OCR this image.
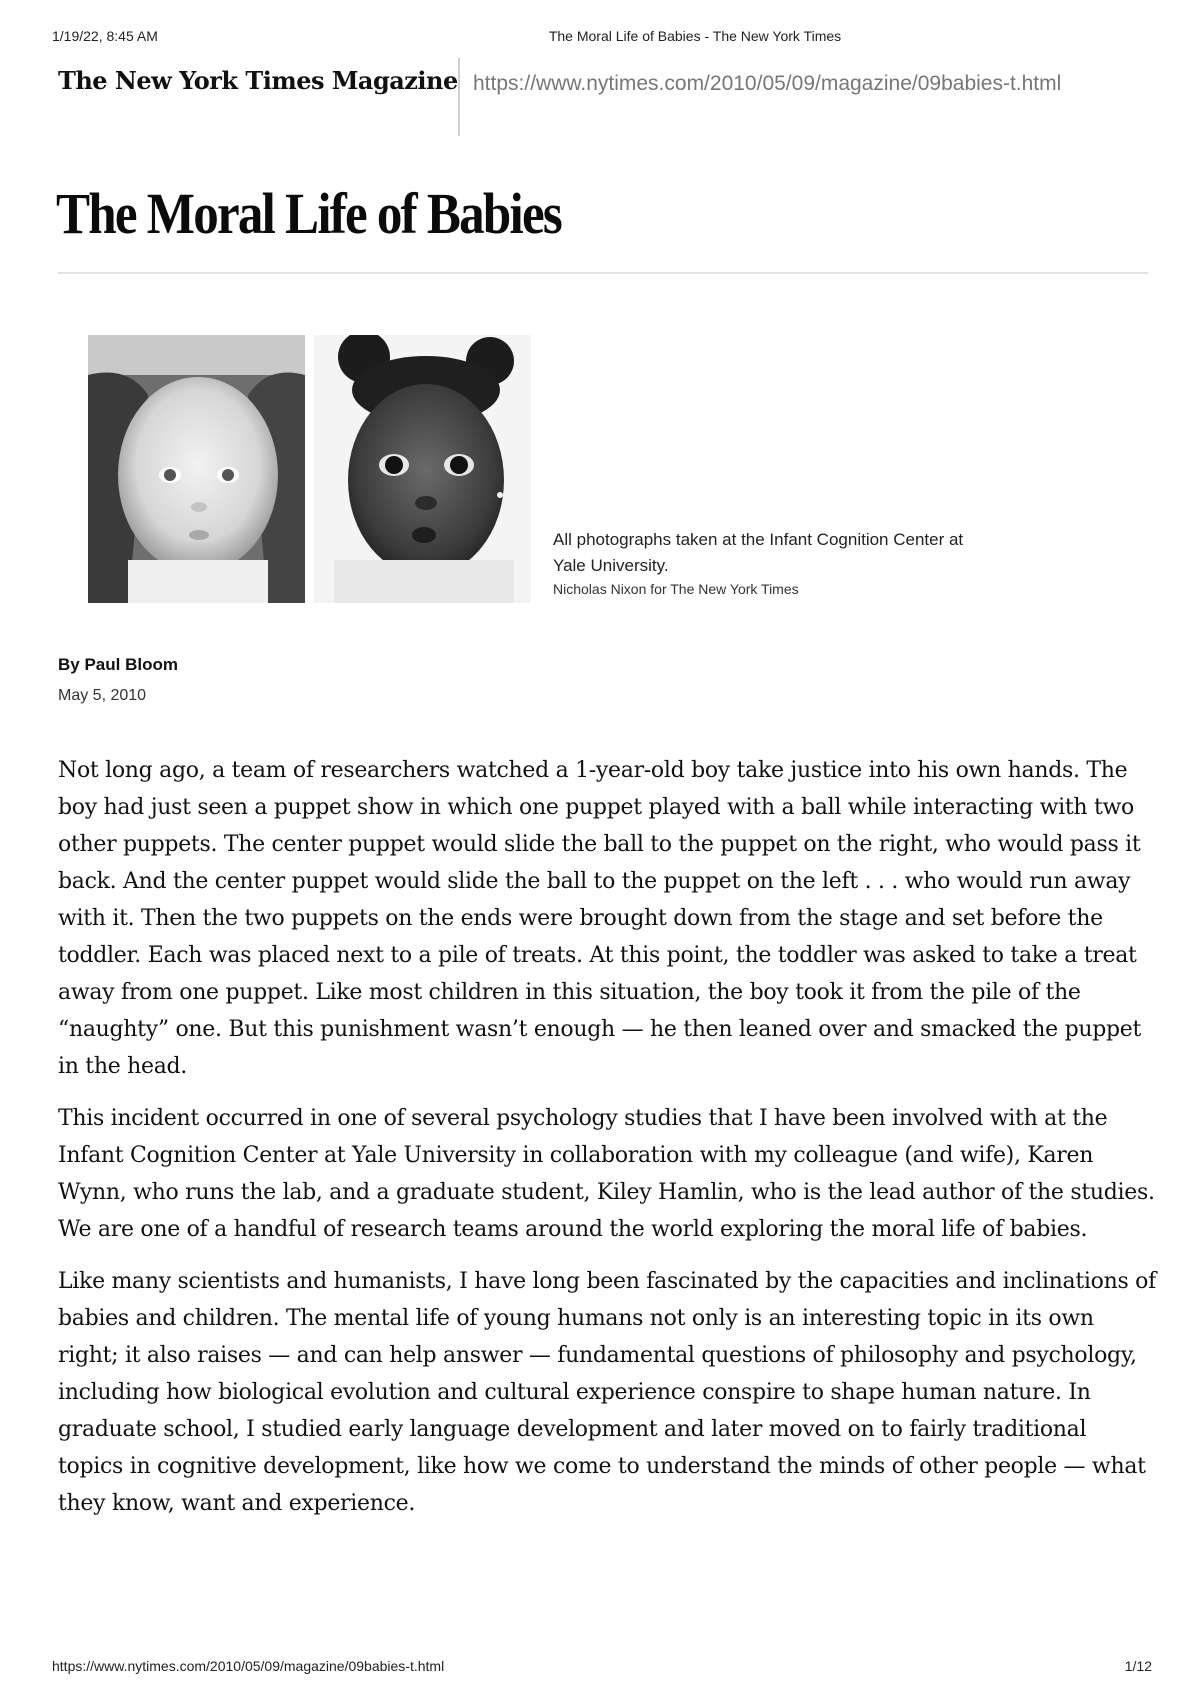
1/19/22, 8:45 AM	The Moral Life of Babies - The New York Times
The New York Times Magazine https://www.nytimes.com/2010/05/09/magazine/09babies-t.html
The Moral Life of Babies
All photographs taken at the Infant Cognition Center at Yale University.
Nicholas Nixon for The New York Times
By Paul Bloom
May 5, 2010

Not long ago, a team of researchers watched a 1-year-old boy take justice into his own hands. The boy had just seen a puppet show in which one puppet played with a ball while interacting with two other puppets. The center puppet would slide the ball to the puppet on the right, who would pass it back. And the center puppet would slide the ball to the puppet on the left . . . who would run away with it. Then the two puppets on the ends were brought down from the stage and set before the toddler. Each was placed next to a pile of treats. At this point, the toddler was asked to take a treat away from one puppet. Like most children in this situation, the boy took it from the pile of the “naughty” one. But this punishment wasn’t enough — he then leaned over and smacked the puppet in the head.

This incident occurred in one of several psychology studies that I have been involved with at the Infant Cognition Center at Yale University in collaboration with my colleague (and wife), Karen Wynn, who runs the lab, and a graduate student, Kiley Hamlin, who is the lead author of the studies. We are one of a handful of research teams around the world exploring the moral life of babies.

Like many scientists and humanists, I have long been fascinated by the capacities and inclinations of babies and children. The mental life of young humans not only is an interesting topic in its own right; it also raises — and can help answer — fundamental questions of philosophy and psychology, including how biological evolution and cultural experience conspire to shape human nature. In graduate school, I studied early language development and later moved on to fairly traditional topics in cognitive development, like how we come to understand the minds of other people — what they know, want and experience.

https://www.nytimes.com/2010/05/09/magazine/09babies-t.html	1/12
